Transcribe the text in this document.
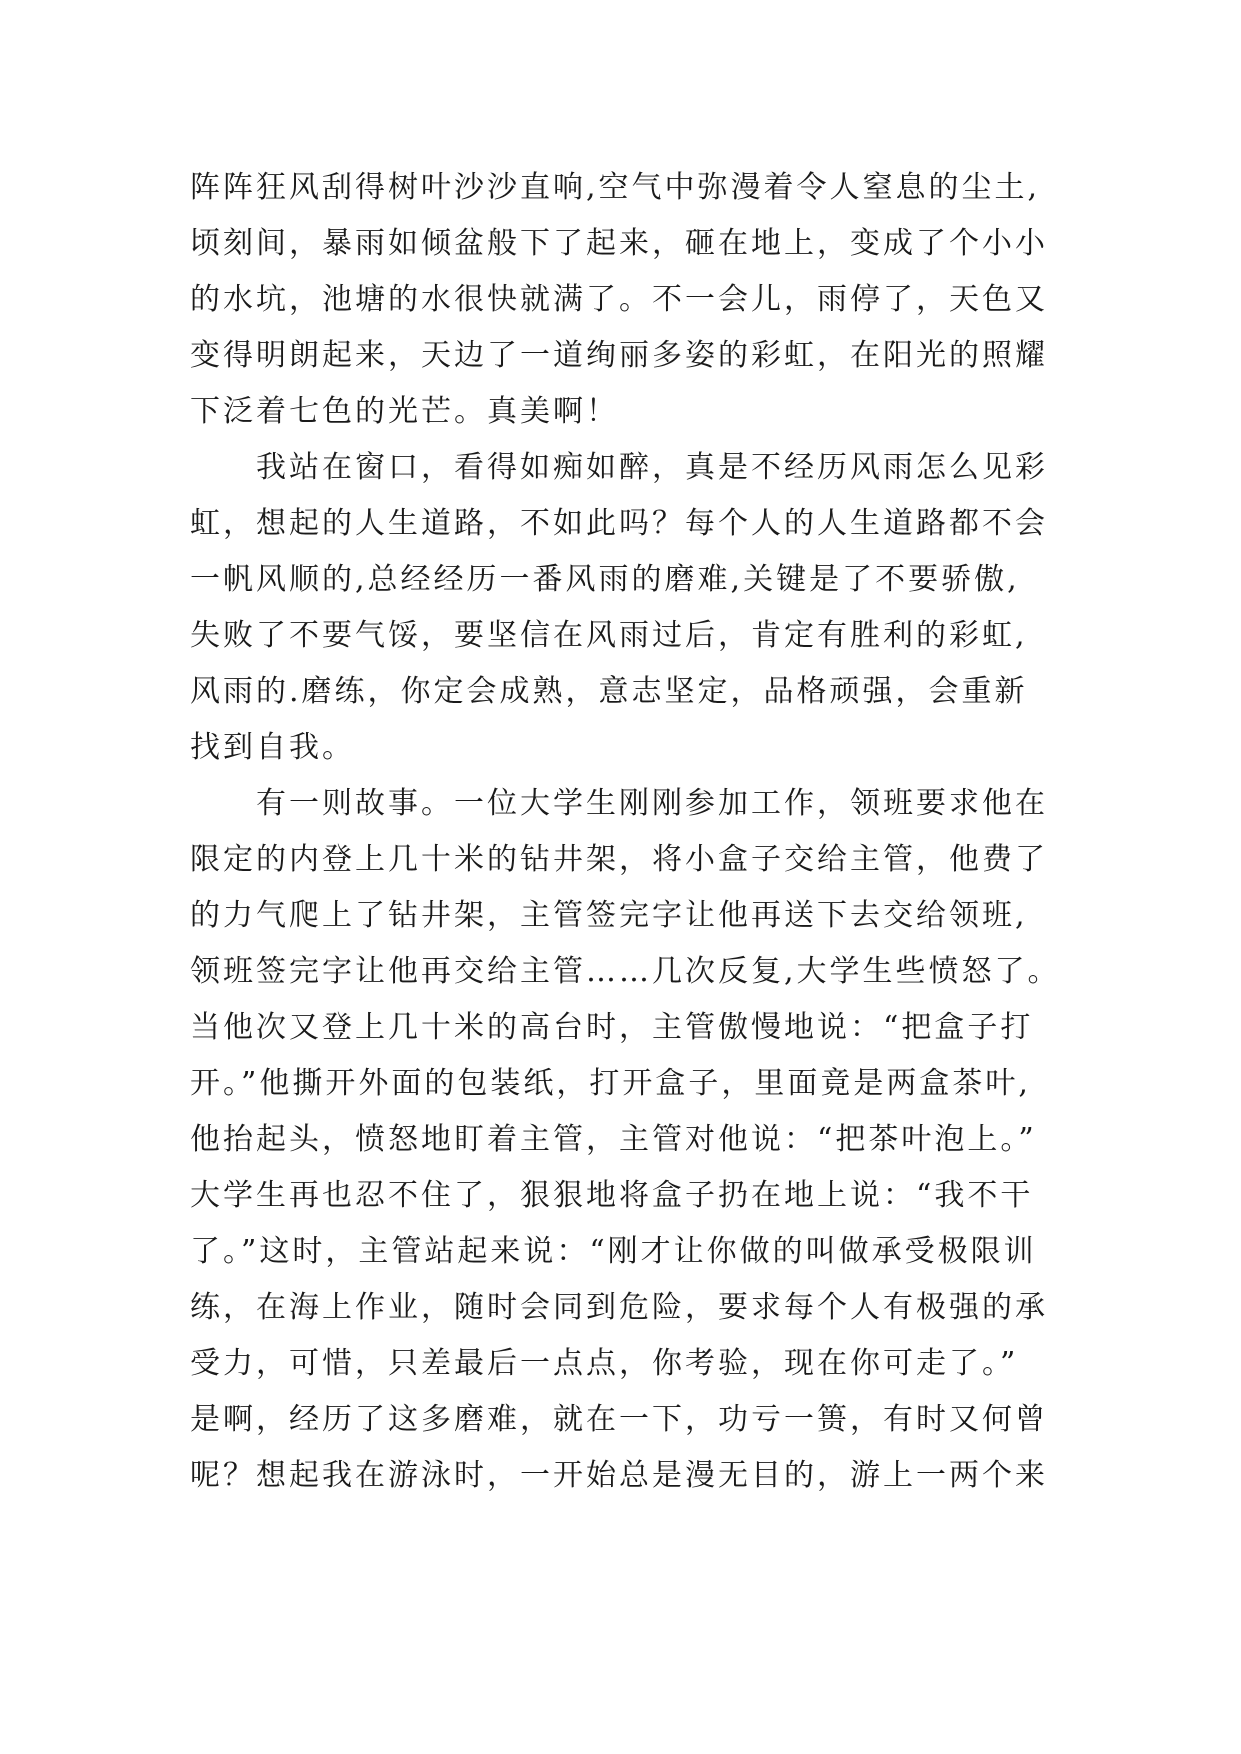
阵阵狂风刮得树叶沙沙直响,空气中弥漫着令人窒息的尘土,
顷刻间，暴雨如倾盆般下了起来，砸在地上，变成了个小小
的水坑，池塘的水很快就满了。不一会儿，雨停了，天色又
变得明朗起来，天边了一道绚丽多姿的彩虹，在阳光的照耀
下泛着七色的光芒。真美啊！
我站在窗口，看得如痴如醉，真是不经历风雨怎么见彩
虹，想起的人生道路，不如此吗？每个人的人生道路都不会
一帆风顺的,总经经历一番风雨的磨难,关键是了不要骄傲,
失败了不要气馁，要坚信在风雨过后，肯定有胜利的彩虹,
风雨的.磨练，你定会成熟，意志坚定，品格顽强，会重新
找到自我。
有一则故事。一位大学生刚刚参加工作，领班要求他在
限定的内登上几十米的钻井架，将小盒子交给主管，他费了
的力气爬上了钻井架，主管签完字让他再送下去交给领班,
领班签完字让他再交给主管……几次反复,大学生些愤怒了。
当他次又登上几十米的高台时，主管傲慢地说：“把盒子打
开。”他撕开外面的包装纸，打开盒子，里面竟是两盒茶叶,
他抬起头，愤怒地盯着主管，主管对他说：“把茶叶泡上。”
大学生再也忍不住了，狠狠地将盒子扔在地上说：“我不干
了。”这时，主管站起来说：“刚才让你做的叫做承受极限训
练，在海上作业，随时会同到危险，要求每个人有极强的承
受力，可惜，只差最后一点点，你考验，现在你可走了。”
是啊，经历了这多磨难，就在一下，功亏一篑，有时又何曾
呢？想起我在游泳时，一开始总是漫无目的，游上一两个来
